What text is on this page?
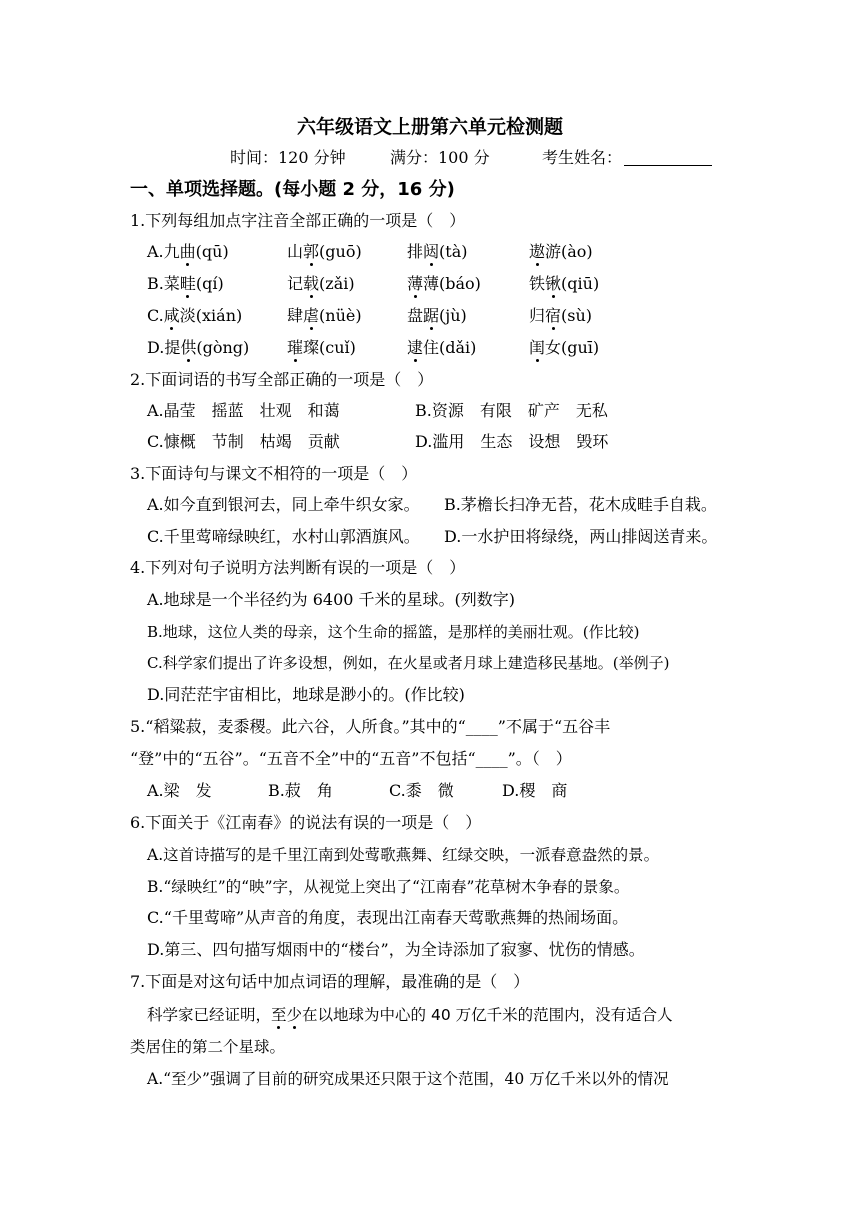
六年级语文上册第六单元检测题
时间：120 分钟	满分：100 分	考生姓名：
一、单项选择题。(每小题 2 分，16 分)
1.下列每组加点字注音全部正确的一项是（　）
A.九曲(qū)	山郭(guō)	排闼(tà)	遨游(ào)
B.菜畦(qí)	记载(zǎi)	薄薄(báo)	铁锹(qiū)
C.咸淡(xián)	肆虐(nüè)	盘踞(jù)	归宿(sù)
D.提供(gòng) 璀璨(cuǐ)	逮住(dǎi)	闺女(guī)
2.下面词语的书写全部正确的一项是（　）
A.晶莹　摇蓝　壮观　和蔼	B.资源　有限　矿产　无私
C.慷概　节制　枯竭　贡献	D.滥用　生态　设想　毁环
3.下面诗句与课文不相符的一项是（　）
A.如今直到银河去，同上牵牛织女家。 B.茅檐长扫净无苔，花木成畦手自栽。
C.千里莺啼绿映红，水村山郭酒旗风。 D.一水护田将绿绕，两山排闼送青来。
4.下列对句子说明方法判断有误的一项是（　）
A.地球是一个半径约为 6400 千米的星球。(列数字)
B.地球，这位人类的母亲，这个生命的摇篮，是那样的美丽壮观。(作比较)
C.科学家们提出了许多设想，例如，在火星或者月球上建造移民基地。(举例子)
D.同茫茫宇宙相比，地球是渺小的。(作比较)
5.“稻粱菽，麦黍稷。此六谷，人所食。”其中的“____”不属于“五谷丰
“登”中的“五谷”。“五音不全”中的“五音”不包括“____”。（　）
A.梁　发	B.菽　角	C.黍　微	D.稷　商
6.下面关于《江南春》的说法有误的一项是（　）
A.这首诗描写的是千里江南到处莺歌燕舞、红绿交映，一派春意盎然的景。
B.“绿映红”的“映”字，从视觉上突出了“江南春”花草树木争春的景象。
C.“千里莺啼”从声音的角度，表现出江南春天莺歌燕舞的热闹场面。
D.第三、四句描写烟雨中的“楼台”，为全诗添加了寂寥、忧伤的情感。
7.下面是对这句话中加点词语的理解，最准确的是（　）
科学家已经证明，至少在以地球为中心的 40 万亿千米的范围内，没有适合人
类居住的第二个星球。
A.“至少”强调了目前的研究成果还只限于这个范围，40 万亿千米以外的情况
